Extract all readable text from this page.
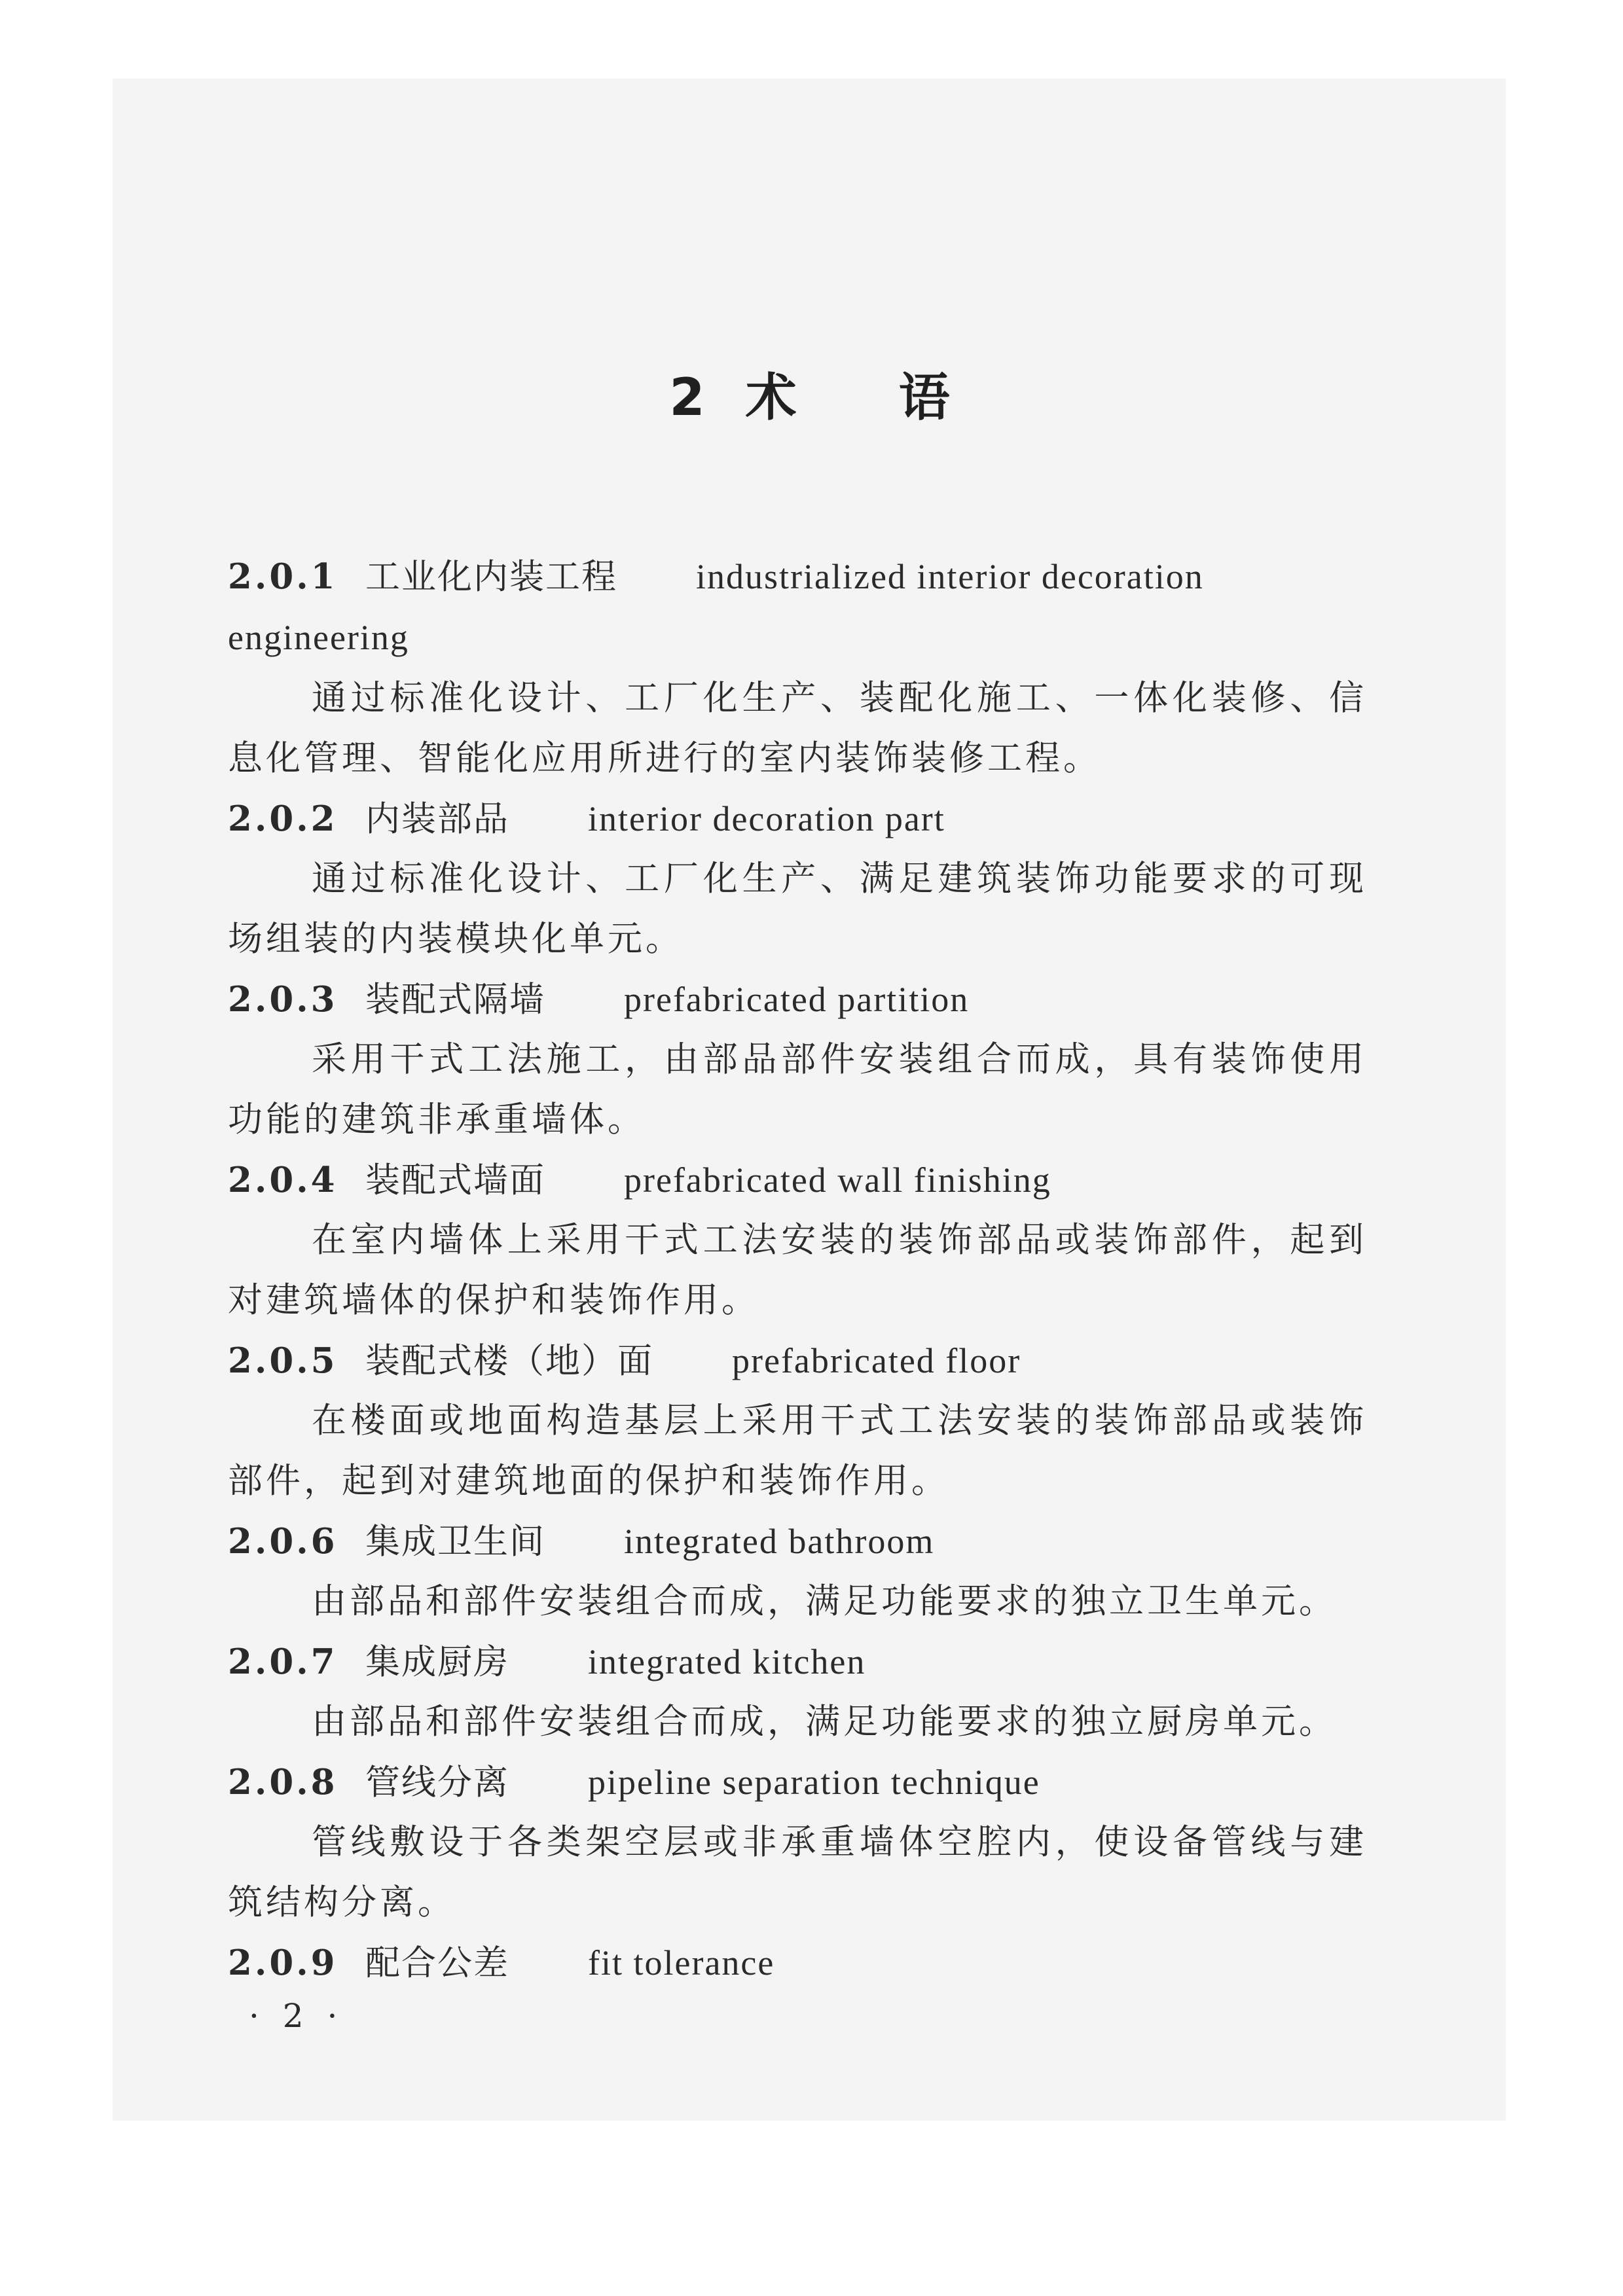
2 术 语
2.0.1 工业化内装工程 industrialized interior decoration engineering
通过标准化设计、工厂化生产、装配化施工、一体化装修、信息化管理、智能化应用所进行的室内装饰装修工程。
2.0.2 内装部品 interior decoration part
通过标准化设计、工厂化生产、满足建筑装饰功能要求的可现场组装的内装模块化单元。
2.0.3 装配式隔墙 prefabricated partition
采用干式工法施工，由部品部件安装组合而成，具有装饰使用功能的建筑非承重墙体。
2.0.4 装配式墙面 prefabricated wall finishing
在室内墙体上采用干式工法安装的装饰部品或装饰部件，起到对建筑墙体的保护和装饰作用。
2.0.5 装配式楼（地）面 prefabricated floor
在楼面或地面构造基层上采用干式工法安装的装饰部品或装饰部件，起到对建筑地面的保护和装饰作用。
2.0.6 集成卫生间 integrated bathroom
由部品和部件安装组合而成，满足功能要求的独立卫生单元。
2.0.7 集成厨房 integrated kitchen
由部品和部件安装组合而成，满足功能要求的独立厨房单元。
2.0.8 管线分离 pipeline separation technique
管线敷设于各类架空层或非承重墙体空腔内，使设备管线与建筑结构分离。
2.0.9 配合公差 fit tolerance
· 2 ·
